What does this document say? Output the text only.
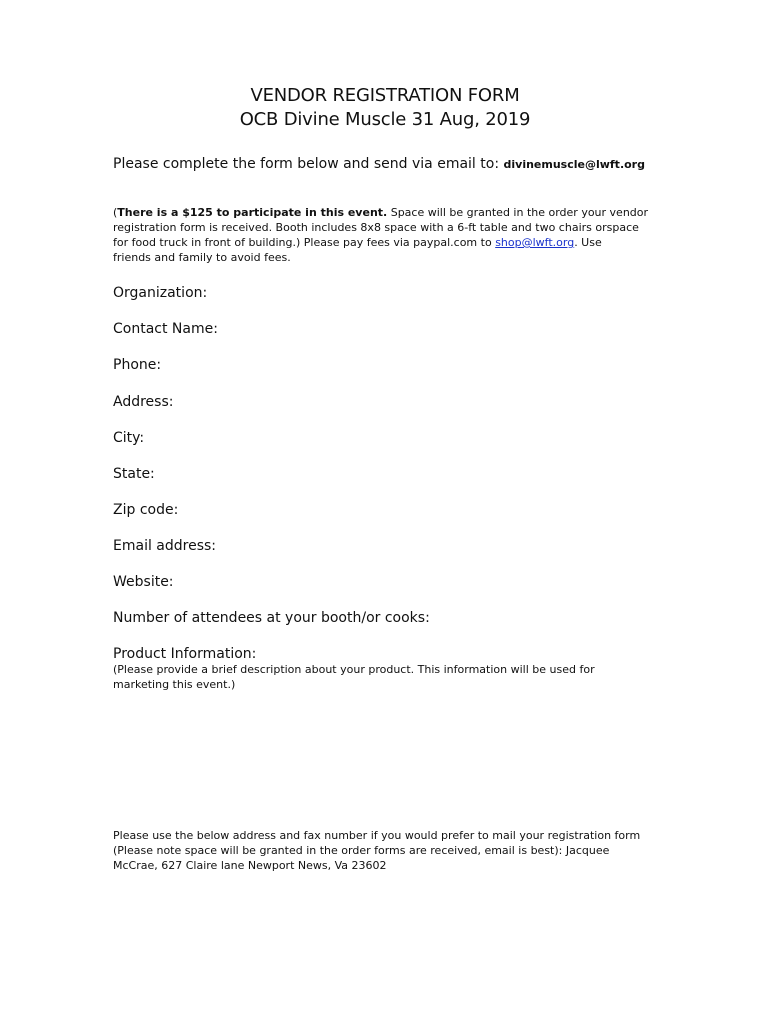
VENDOR REGISTRATION FORM
OCB Divine Muscle 31 Aug, 2019
Please complete the form below and send via email to: divinemuscle@lwft.org
(There is a $125 to participate in this event. Space will be granted in the order your vendor
registration form is received. Booth includes 8x8 space with a 6-ft table and two chairs orspace
for food truck in front of building.) Please pay fees via paypal.com to shop@lwft.org. Use
friends and family to avoid fees.
Organization:
Contact Name:
Phone:
Address:
City:
State:
Zip code:
Email address:
Website:
Number of attendees at your booth/or cooks:
Product Information:
(Please provide a brief description about your product. This information will be used for
marketing this event.)
Please use the below address and fax number if you would prefer to mail your registration form
(Please note space will be granted in the order forms are received, email is best): Jacquee
McCrae, 627 Claire lane Newport News, Va 23602
